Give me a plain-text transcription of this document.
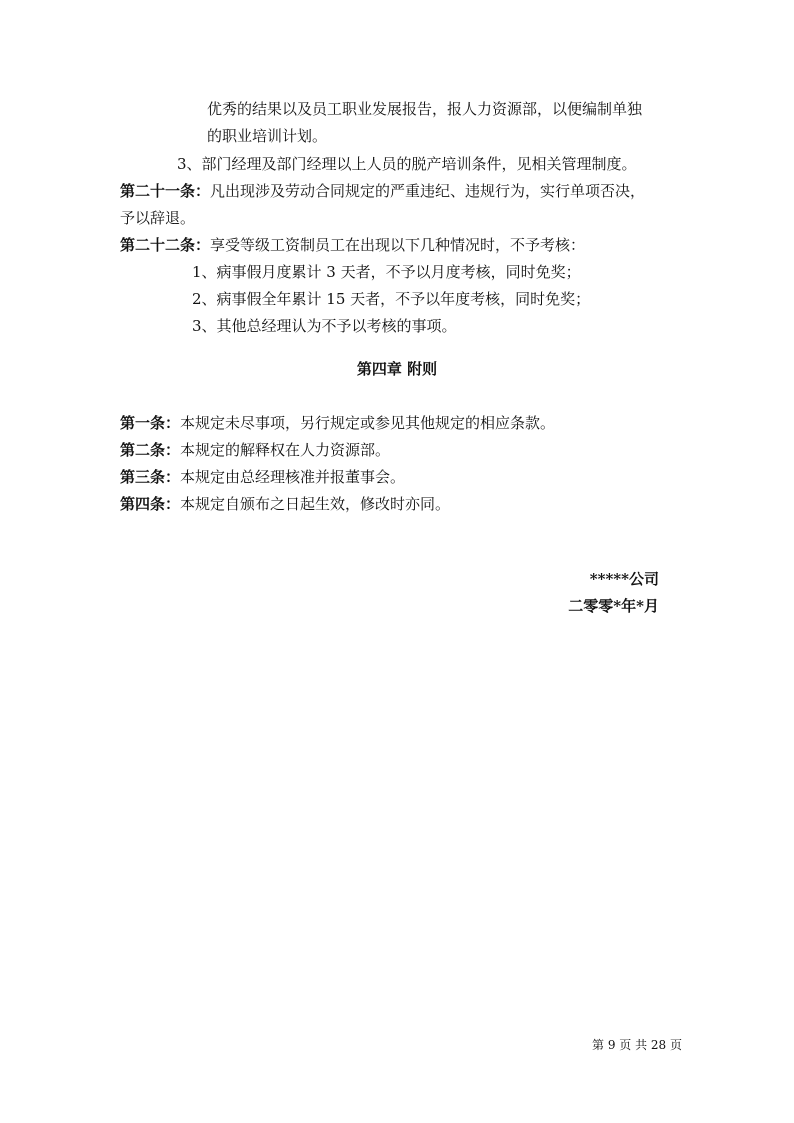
优秀的结果以及员工职业发展报告，报人力资源部，以便编制单独
的职业培训计划。
3、部门经理及部门经理以上人员的脱产培训条件，见相关管理制度。
第二十一条：凡出现涉及劳动合同规定的严重违纪、违规行为，实行单项否决，
予以辞退。
第二十二条：享受等级工资制员工在出现以下几种情况时，不予考核：
1、病事假月度累计 3 天者，不予以月度考核，同时免奖；
2、病事假全年累计 15 天者，不予以年度考核，同时免奖；
3、其他总经理认为不予以考核的事项。
第四章 附则
第一条：本规定未尽事项，另行规定或参见其他规定的相应条款。
第二条：本规定的解释权在人力资源部。
第三条：本规定由总经理核准并报董事会。
第四条：本规定自颁布之日起生效，修改时亦同。
*****公司
二零零*年*月
第 9 页 共 28 页
